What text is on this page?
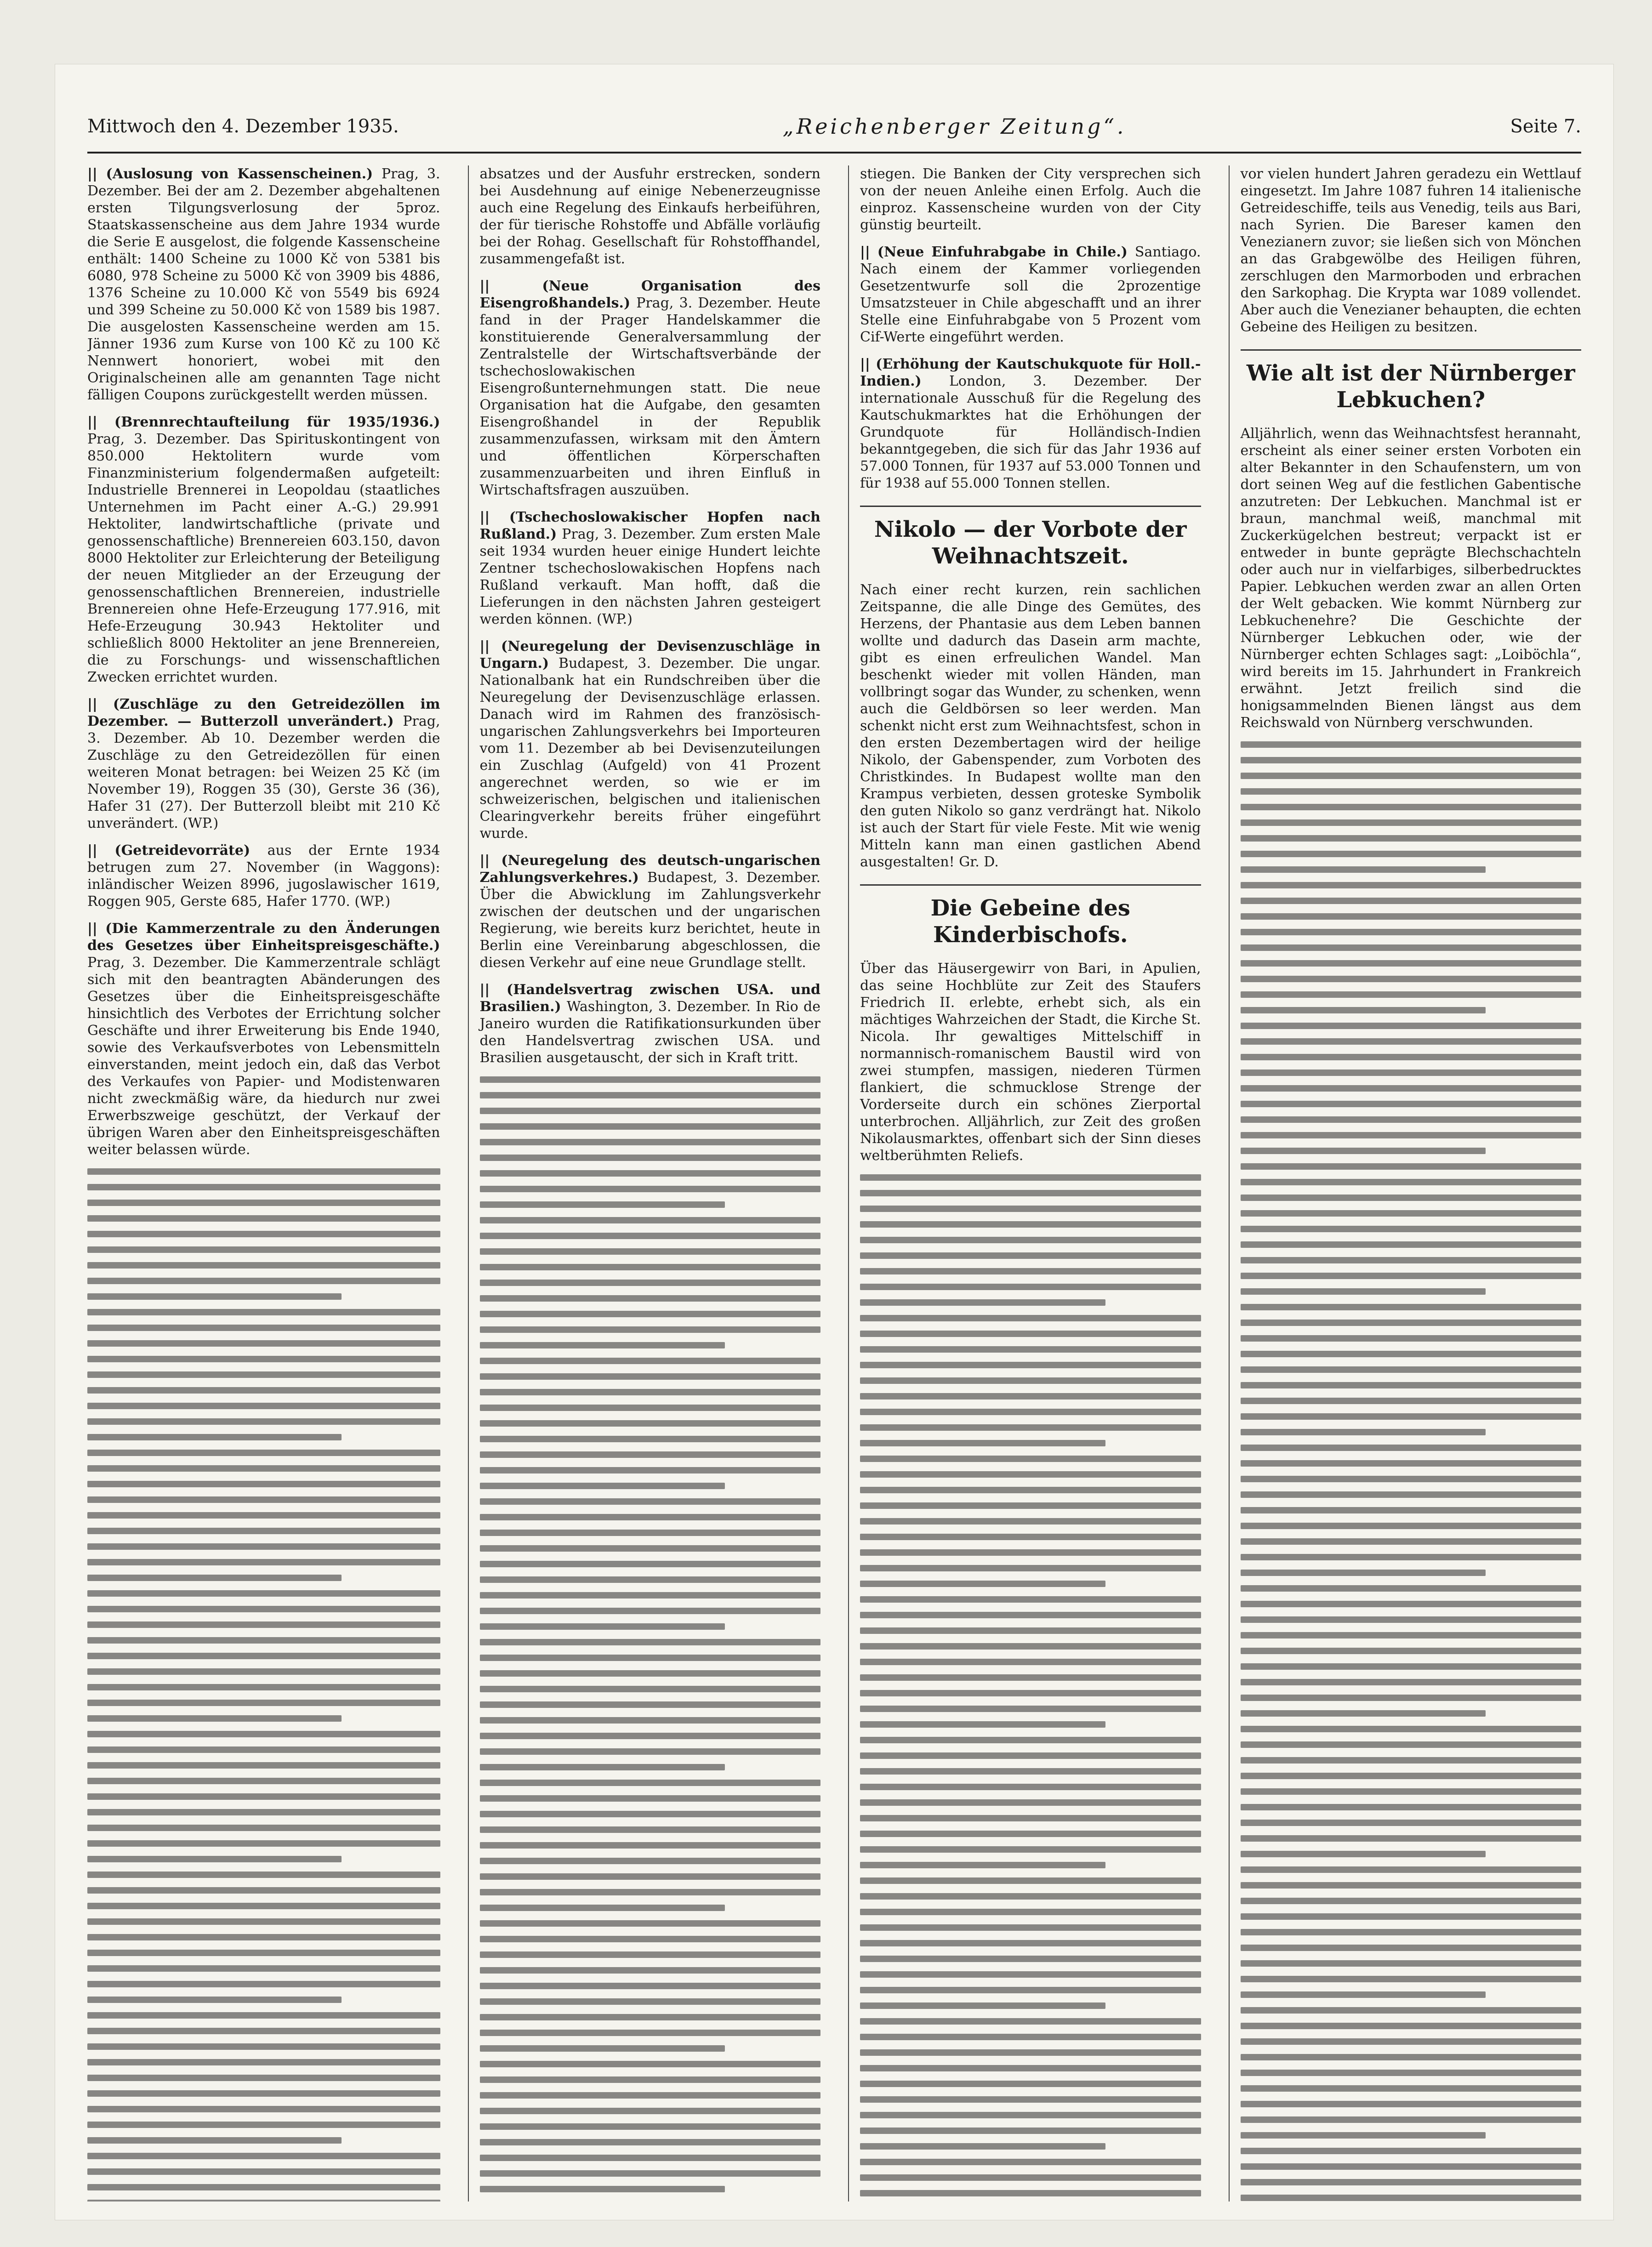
Mittwoch den 4. Dezember 1935.	„Reichenberger Zeitung“.	Seite 7.

|| (Auslosung von Kassenscheinen.) Prag, 3. Dezember. Bei der am 2. Dezember abgehaltenen ersten Tilgungsverlosung der 5proz. Staatskassenscheine aus dem Jahre 1934 wurde die Serie E ausgelost, die folgende Kassenscheine enthält: 1400 Scheine zu 1000 Kč von 5381 bis 6080, 978 Scheine zu 5000 Kč von 3909 bis 4886, 1376 Scheine zu 10.000 Kč von 5549 bis 6924 und 399 Scheine zu 50.000 Kč von 1589 bis 1987. Die ausgelosten Kassenscheine werden am 15. Jänner 1936 zum Kurse von 100 Kč zu 100 Kč Nennwert honoriert, wobei mit den Originalscheinen alle am genannten Tage nicht fälligen Coupons zurückgestellt werden müssen.

|| (Brennrechtaufteilung für 1935/1936.) Prag, 3. Dezember. Das Spirituskontingent von 850.000 Hektolitern wurde vom Finanzministerium folgendermaßen aufgeteilt: Industrielle Brennerei in Leopoldau (staatliches Unternehmen im Pacht einer A.-G.) 29.991 Hektoliter, landwirtschaftliche (private und genossenschaftliche) Brennereien 603.150, davon 8000 Hektoliter zur Erleichterung der Beteiligung der neuen Mitglieder an der Erzeugung der genossenschaftlichen Brennereien, industrielle Brennereien ohne Hefe-Erzeugung 177.916, mit Hefe-Erzeugung 30.943 Hektoliter und schließlich 8000 Hektoliter an jene Brennereien, die zu Forschungs- und wissenschaftlichen Zwecken errichtet wurden.

|| (Zuschläge zu den Getreidezöllen im Dezember. — Butterzoll unverändert.) Prag, 3. Dezember. Ab 10. Dezember werden die Zuschläge zu den Getreidezöllen für einen weiteren Monat betragen: bei Weizen 25 Kč (im November 19), Roggen 35 (30), Gerste 36 (36), Hafer 31 (27). Der Butterzoll bleibt mit 210 Kč unverändert. (WP.)

|| (Getreidevorräte) aus der Ernte 1934 betrugen zum 27. November (in Waggons): inländischer Weizen 8996, jugoslawischer 1619, Roggen 905, Gerste 685, Hafer 1770. (WP.)

|| (Die Kammerzentrale zu den Änderungen des Gesetzes über Einheitspreisgeschäfte.) Prag, 3. Dezember. Die Kammerzentrale schlägt sich mit den beantragten Abänderungen des Gesetzes über die Einheitspreisgeschäfte hinsichtlich des Verbotes der Errichtung solcher Geschäfte und ihrer Erweiterung bis Ende 1940, sowie des Verkaufsverbotes von Lebensmitteln einverstanden, meint jedoch ein, daß das Verbot des Verkaufes von Papier- und Modistenwaren nicht zweckmäßig wäre, da hiedurch nur zwei Erwerbszweige geschützt, der Verkauf der übrigen Waren aber den Einheitspreisgeschäften weiter belassen würde.

absatzes und der Ausfuhr erstrecken, sondern bei Ausdehnung auf einige Nebenerzeugnisse auch eine Regelung des Einkaufs herbeiführen, der für tierische Rohstoffe und Abfälle vorläufig bei der Rohag. Gesellschaft für Rohstoffhandel, zusammengefaßt ist.

|| (Neue Organisation des Eisengroßhandels.) Prag, 3. Dezember. Heute fand in der Prager Handelskammer die konstituierende Generalversammlung der Zentralstelle der Wirtschaftsverbände der tschechoslowakischen Eisengroßunternehmungen statt. Die neue Organisation hat die Aufgabe, den gesamten Eisengroßhandel in der Republik zusammenzufassen, wirksam mit den Ämtern und öffentlichen Körperschaften zusammenzuarbeiten und ihren Einfluß in Wirtschaftsfragen auszuüben.

|| (Tschechoslowakischer Hopfen nach Rußland.) Prag, 3. Dezember. Zum ersten Male seit 1934 wurden heuer einige Hundert leichte Zentner tschechoslowakischen Hopfens nach Rußland verkauft. Man hofft, daß die Lieferungen in den nächsten Jahren gesteigert werden können. (WP.)

|| (Neuregelung der Devisenzuschläge in Ungarn.) Budapest, 3. Dezember. Die ungar. Nationalbank hat ein Rundschreiben über die Neuregelung der Devisenzuschläge erlassen. Danach wird im Rahmen des französisch-ungarischen Zahlungsverkehrs bei Importeuren vom 11. Dezember ab bei Devisenzuteilungen ein Zuschlag (Aufgeld) von 41 Prozent angerechnet werden, so wie er im schweizerischen, belgischen und italienischen Clearingverkehr bereits früher eingeführt wurde.

|| (Neuregelung des deutsch-ungarischen Zahlungsverkehres.) Budapest, 3. Dezember. Über die Abwicklung im Zahlungsverkehr zwischen der deutschen und der ungarischen Regierung, wie bereits kurz berichtet, heute in Berlin eine Vereinbarung abgeschlossen, die diesen Verkehr auf eine neue Grundlage stellt.

|| (Handelsvertrag zwischen USA. und Brasilien.) Washington, 3. Dezember. In Rio de Janeiro wurden die Ratifikationsurkunden über den Handelsvertrag zwischen USA. und Brasilien ausgetauscht, der sich in Kraft tritt.

stiegen. Die Banken der City versprechen sich von der neuen Anleihe einen Erfolg. Auch die einproz. Kassenscheine wurden von der City günstig beurteilt.

|| (Neue Einfuhrabgabe in Chile.) Santiago. Nach einem der Kammer vorliegenden Gesetzentwurfe soll die 2prozentige Umsatzsteuer in Chile abgeschafft und an ihrer Stelle eine Einfuhrabgabe von 5 Prozent vom Cif-Werte eingeführt werden.

|| (Erhöhung der Kautschukquote für Holl.-Indien.) London, 3. Dezember. Der internationale Ausschuß für die Regelung des Kautschukmarktes hat die Erhöhungen der Grundquote für Holländisch-Indien bekanntgegeben, die sich für das Jahr 1936 auf 57.000 Tonnen, für 1937 auf 53.000 Tonnen und für 1938 auf 55.000 Tonnen stellen.

Nikolo — der Vorbote der Weihnachtszeit.

Nach einer recht kurzen, rein sachlichen Zeitspanne, die alle Dinge des Gemütes, des Herzens, der Phantasie aus dem Leben bannen wollte und dadurch das Dasein arm machte, gibt es einen erfreulichen Wandel. Man beschenkt wieder mit vollen Händen, man vollbringt sogar das Wunder, zu schenken, wenn auch die Geldbörsen so leer werden. Man schenkt nicht erst zum Weihnachtsfest, schon in den ersten Dezembertagen wird der heilige Nikolo, der Gabenspender, zum Vorboten des Christkindes. In Budapest wollte man den Krampus verbieten, dessen groteske Symbolik den guten Nikolo so ganz verdrängt hat. Nikolo ist auch der Start für viele Feste. Mit wie wenig Mitteln kann man einen gastlichen Abend ausgestalten! Gr. D.

Die Gebeine des Kinderbischofs.

Über das Häusergewirr von Bari, in Apulien, das seine Hochblüte zur Zeit des Staufers Friedrich II. erlebte, erhebt sich, als ein mächtiges Wahrzeichen der Stadt, die Kirche St. Nicola. Ihr gewaltiges Mittelschiff in normannisch-romanischem Baustil wird von zwei stumpfen, massigen, niederen Türmen flankiert, die schmucklose Strenge der Vorderseite durch ein schönes Zierportal unterbrochen. Alljährlich, zur Zeit des großen Nikolausmarktes, offenbart sich der Sinn dieses weltberühmten Reliefs.

vor vielen hundert Jahren geradezu ein Wettlauf eingesetzt. Im Jahre 1087 fuhren 14 italienische Getreideschiffe, teils aus Venedig, teils aus Bari, nach Syrien. Die Bareser kamen den Venezianern zuvor; sie ließen sich von Mönchen an das Grabgewölbe des Heiligen führen, zerschlugen den Marmorboden und erbrachen den Sarkophag. Die Krypta war 1089 vollendet. Aber auch die Venezianer behaupten, die echten Gebeine des Heiligen zu besitzen.

Wie alt ist der Nürnberger Lebkuchen?

Alljährlich, wenn das Weihnachtsfest herannaht, erscheint als einer seiner ersten Vorboten ein alter Bekannter in den Schaufenstern, um von dort seinen Weg auf die festlichen Gabentische anzutreten: Der Lebkuchen. Manchmal ist er braun, manchmal weiß, manchmal mit Zuckerkügelchen bestreut; verpackt ist er entweder in bunte geprägte Blechschachteln oder auch nur in vielfarbiges, silberbedrucktes Papier. Lebkuchen werden zwar an allen Orten der Welt gebacken. Wie kommt Nürnberg zur Lebkuchenehre? Die Geschichte der Nürnberger Lebkuchen oder, wie der Nürnberger echten Schlages sagt: „Loiböchla“, wird bereits im 15. Jahrhundert in Frankreich erwähnt. Jetzt freilich sind die honigsammelnden Bienen längst aus dem Reichswald von Nürnberg verschwunden.
